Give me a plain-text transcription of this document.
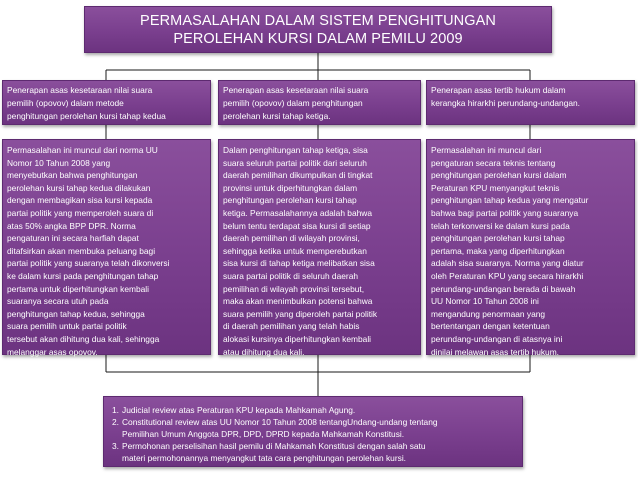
PERMASALAHAN DALAM SISTEM PENGHITUNGAN
PEROLEHAN KURSI DALAM PEMILU 2009
Penerapan asas kesetaraan nilai suara
pemilih (opovov) dalam metode
penghitungan perolehan kursi tahap kedua
Penerapan asas kesetaraan nilai suara
pemilih (opovov) dalam penghitungan
perolehan kursi tahap ketiga.
Penerapan asas tertib hukum dalam
kerangka hirarkhi perundang-undangan.
Permasalahan ini muncul dari norma UU
Nomor 10 Tahun 2008 yang
menyebutkan bahwa penghitungan
perolehan kursi tahap kedua dilakukan
dengan membagikan sisa kursi kepada
partai politik yang memperoleh suara di
atas 50% angka BPP DPR. Norma
pengaturan ini secara harfiah dapat
ditafsirkan akan membuka peluang bagi
partai politik yang suaranya telah dikonversi
ke dalam kursi pada penghitungan tahap
pertama untuk diperhitungkan kembali
suaranya secara utuh pada
penghitungan tahap kedua, sehingga
suara pemilih untuk partai politik
tersebut akan dihitung dua kali, sehingga
melanggar asas opovov.
Dalam penghitungan tahap ketiga, sisa
suara seluruh partai politik dari seluruh
daerah pemilihan dikumpulkan di tingkat
provinsi untuk diperhitungkan dalam
penghitungan perolehan kursi tahap
ketiga. Permasalahannya adalah bahwa
belum tentu terdapat sisa kursi di setiap
daerah pemilihan di wilayah provinsi,
sehingga ketika untuk memperebutkan
sisa kursi di tahap ketiga melibatkan sisa
suara partai politik di seluruh daerah
pemilihan di wilayah provinsi tersebut,
maka akan menimbulkan potensi bahwa
suara pemilih yang diperoleh partai politik
di daerah pemilihan yang telah habis
alokasi kursinya diperhitungkan kembali
atau dihitung dua kali.
Permasalahan ini muncul dari
pengaturan secara teknis tentang
penghitungan perolehan kursi dalam
Peraturan KPU menyangkut teknis
penghitungan tahap kedua yang mengatur
bahwa bagi partai politik yang suaranya
telah terkonversi ke dalam kursi pada
penghitungan perolehan kursi tahap
pertama, maka yang diperhitungkan
adalah sisa suaranya. Norma yang diatur
oleh Peraturan KPU yang secara hirarkhi
perundang-undangan berada di bawah
UU Nomor 10 Tahun 2008 ini
mengandung penormaan yang
bertentangan dengan ketentuan
perundang-undangan di atasnya ini
dinilai melawan asas tertib hukum.
1. Judicial review atas Peraturan KPU kepada Mahkamah Agung.
2. Constitutional review atas UU Nomor 10 Tahun 2008 tentangUndang-undang tentang
Pemilihan Umum Anggota DPR, DPD, DPRD kepada Mahkamah Konstitusi.
3. Permohonan perselisihan hasil pemilu di Mahkamah Konstitusi dengan salah satu
materi permohonannya menyangkut tata cara penghitungan perolehan kursi.
